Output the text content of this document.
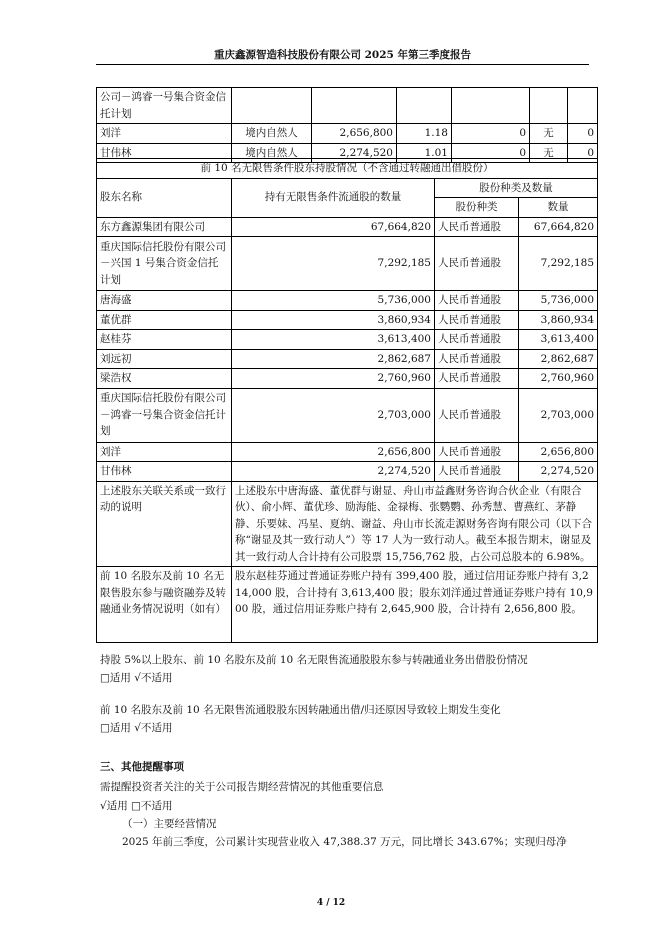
重庆鑫源智造科技股份有限公司 2025 年第三季度报告
公司－鸿睿一号集合资金信托计划						
刘洋	境内自然人	2,656,800	1.18	0	无	0
甘伟林	境内自然人	2,274,520	1.01	0	无	0
前 10 名无限售条件股东持股情况（不含通过转融通出借股份）			
股东名称	持有无限售条件流通股的数量	股份种类及数量	
		股份种类	数量
东方鑫源集团有限公司	67,664,820	人民币普通股	67,664,820
重庆国际信托股份有限公司－兴国 1 号集合资金信托计划	7,292,185	人民币普通股	7,292,185
唐海盛	5,736,000	人民币普通股	5,736,000
董优群	3,860,934	人民币普通股	3,860,934
赵桂芬	3,613,400	人民币普通股	3,613,400
刘远初	2,862,687	人民币普通股	2,862,687
梁浩权	2,760,960	人民币普通股	2,760,960
重庆国际信托股份有限公司－鸿睿一号集合资金信托计划	2,703,000	人民币普通股	2,703,000
刘洋	2,656,800	人民币普通股	2,656,800
甘伟林	2,274,520	人民币普通股	2,274,520
上述股东关联关系或一致行动的说明	上述股东中唐海盛、董优群与谢显、舟山市益鑫财务咨询合伙企业（有限合伙）、俞小辉、董优珍、励海能、金禄梅、张鹦鹦、孙秀慧、曹燕红、茅静静、乐要妹、冯星、夏纳、谢益、舟山市长流走源财务咨询有限公司（以下合称“谢显及其一致行动人”）等 17 人为一致行动人。截至本报告期末，谢显及其一致行动人合计持有公司股票 15,756,762 股，占公司总股本的 6.98%。		
前 10 名股东及前 10 名无限售股东参与融资融券及转融通业务情况说明（如有）	股东赵桂芬通过普通证券账户持有 399,400 股，通过信用证券账户持有 3,214,000 股，合计持有 3,613,400 股；股东刘洋通过普通证券账户持有 10,900 股，通过信用证券账户持有 2,645,900 股，合计持有 2,656,800 股。		

持股 5%以上股东、前 10 名股东及前 10 名无限售流通股股东参与转融通业务出借股份情况

□适用 √不适用

前 10 名股东及前 10 名无限售流通股股东因转融通出借/归还原因导致较上期发生变化

□适用 √不适用

三、其他提醒事项

需提醒投资者关注的关于公司报告期经营情况的其他重要信息

√适用 □不适用

（一）主要经营情况

2025 年前三季度，公司累计实现营业收入 47,388.37 万元，同比增长 343.67%；实现归母净

4 / 12
